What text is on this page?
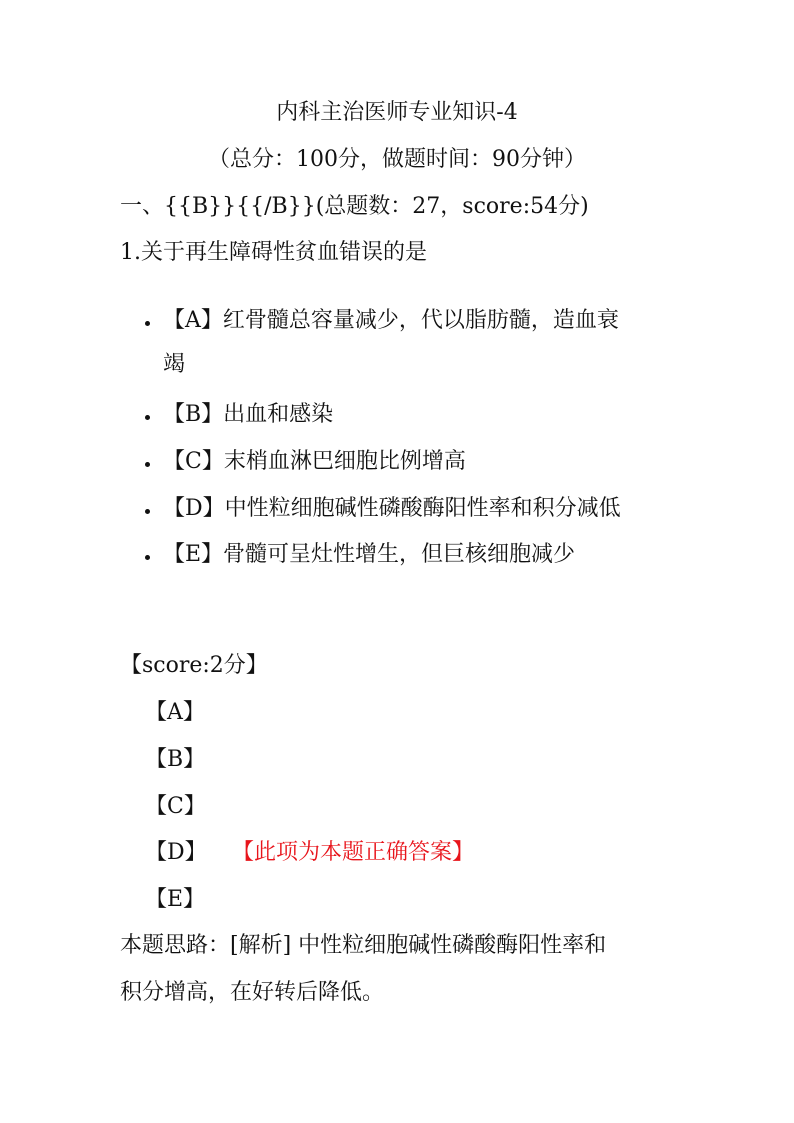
内科主治医师专业知识-4
（总分：100分，做题时间：90分钟）
一、{{B}}{{/B}}(总题数：27，score:54分)
1.关于再生障碍性贫血错误的是
【A】红骨髓总容量减少，代以脂肪髓，造血衰
竭
【B】出血和感染
【C】末梢血淋巴细胞比例增高
【D】中性粒细胞碱性磷酸酶阳性率和积分减低
【E】骨髓可呈灶性增生，但巨核细胞减少
【score:2分】
【A】
【B】
【C】
【D】 【此项为本题正确答案】
【E】
本题思路：[解析] 中性粒细胞碱性磷酸酶阳性率和
积分增高，在好转后降低。
